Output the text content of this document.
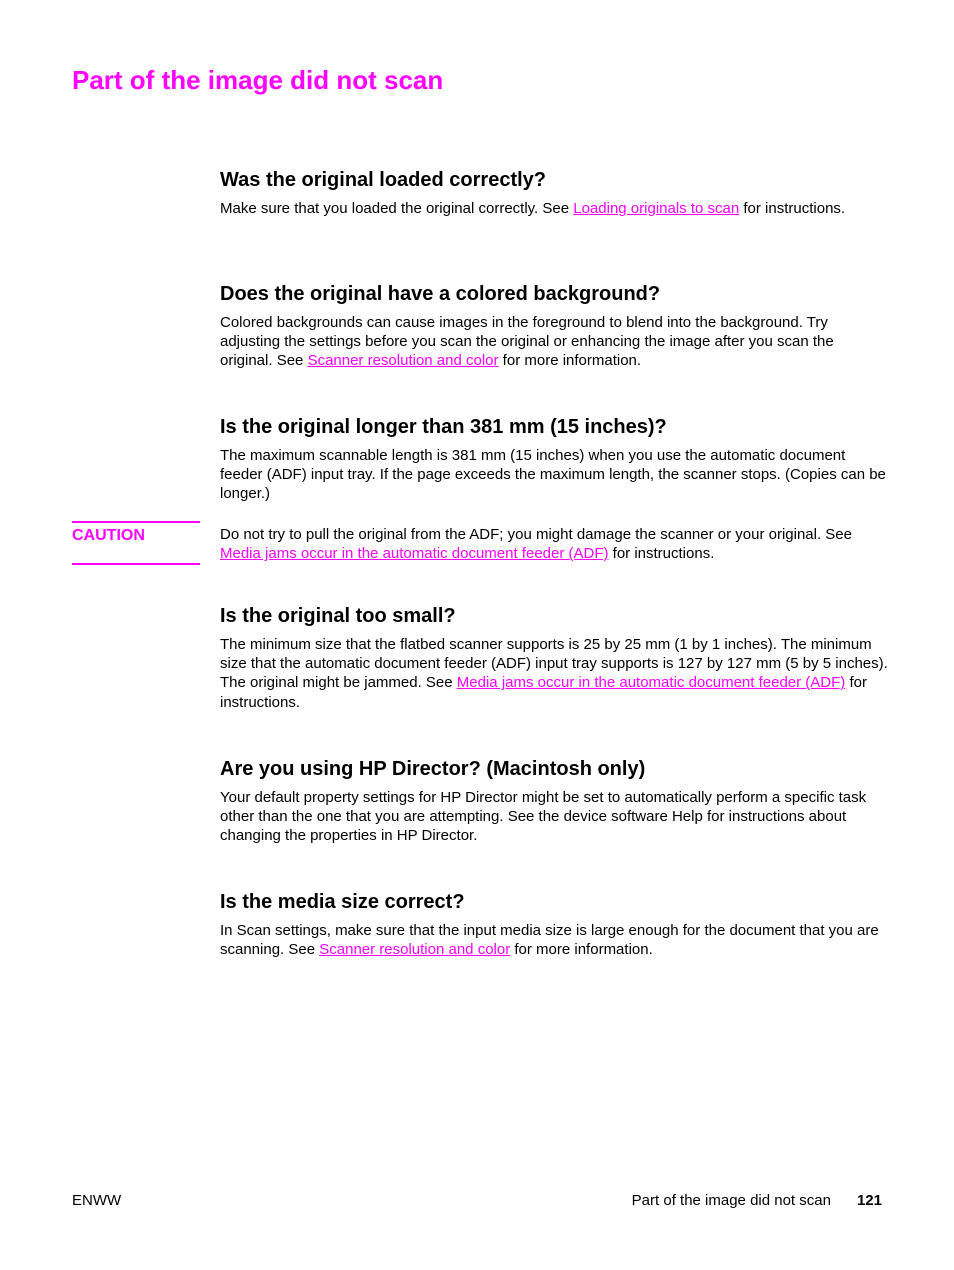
Part of the image did not scan
Was the original loaded correctly?

Make sure that you loaded the original correctly. See Loading originals to scan for instructions.

Does the original have a colored background?

Colored backgrounds can cause images in the foreground to blend into the background. Try adjusting the settings before you scan the original or enhancing the image after you scan the original. See Scanner resolution and color for more information.

Is the original longer than 381 mm (15 inches)?

The maximum scannable length is 381 mm (15 inches) when you use the automatic document feeder (ADF) input tray. If the page exceeds the maximum length, the scanner stops. (Copies can be longer.)

CAUTION	Do not try to pull the original from the ADF; you might damage the scanner or your original. See Media jams occur in the automatic document feeder (ADF) for instructions.

Is the original too small?

The minimum size that the flatbed scanner supports is 25 by 25 mm (1 by 1 inches). The minimum size that the automatic document feeder (ADF) input tray supports is 127 by 127 mm (5 by 5 inches). The original might be jammed. See Media jams occur in the automatic document feeder (ADF) for instructions.

Are you using HP Director? (Macintosh only)

Your default property settings for HP Director might be set to automatically perform a specific task other than the one that you are attempting. See the device software Help for instructions about changing the properties in HP Director.

Is the media size correct?

In Scan settings, make sure that the input media size is large enough for the document that you are scanning. See Scanner resolution and color for more information.

ENWW	Part of the image did not scan 121
